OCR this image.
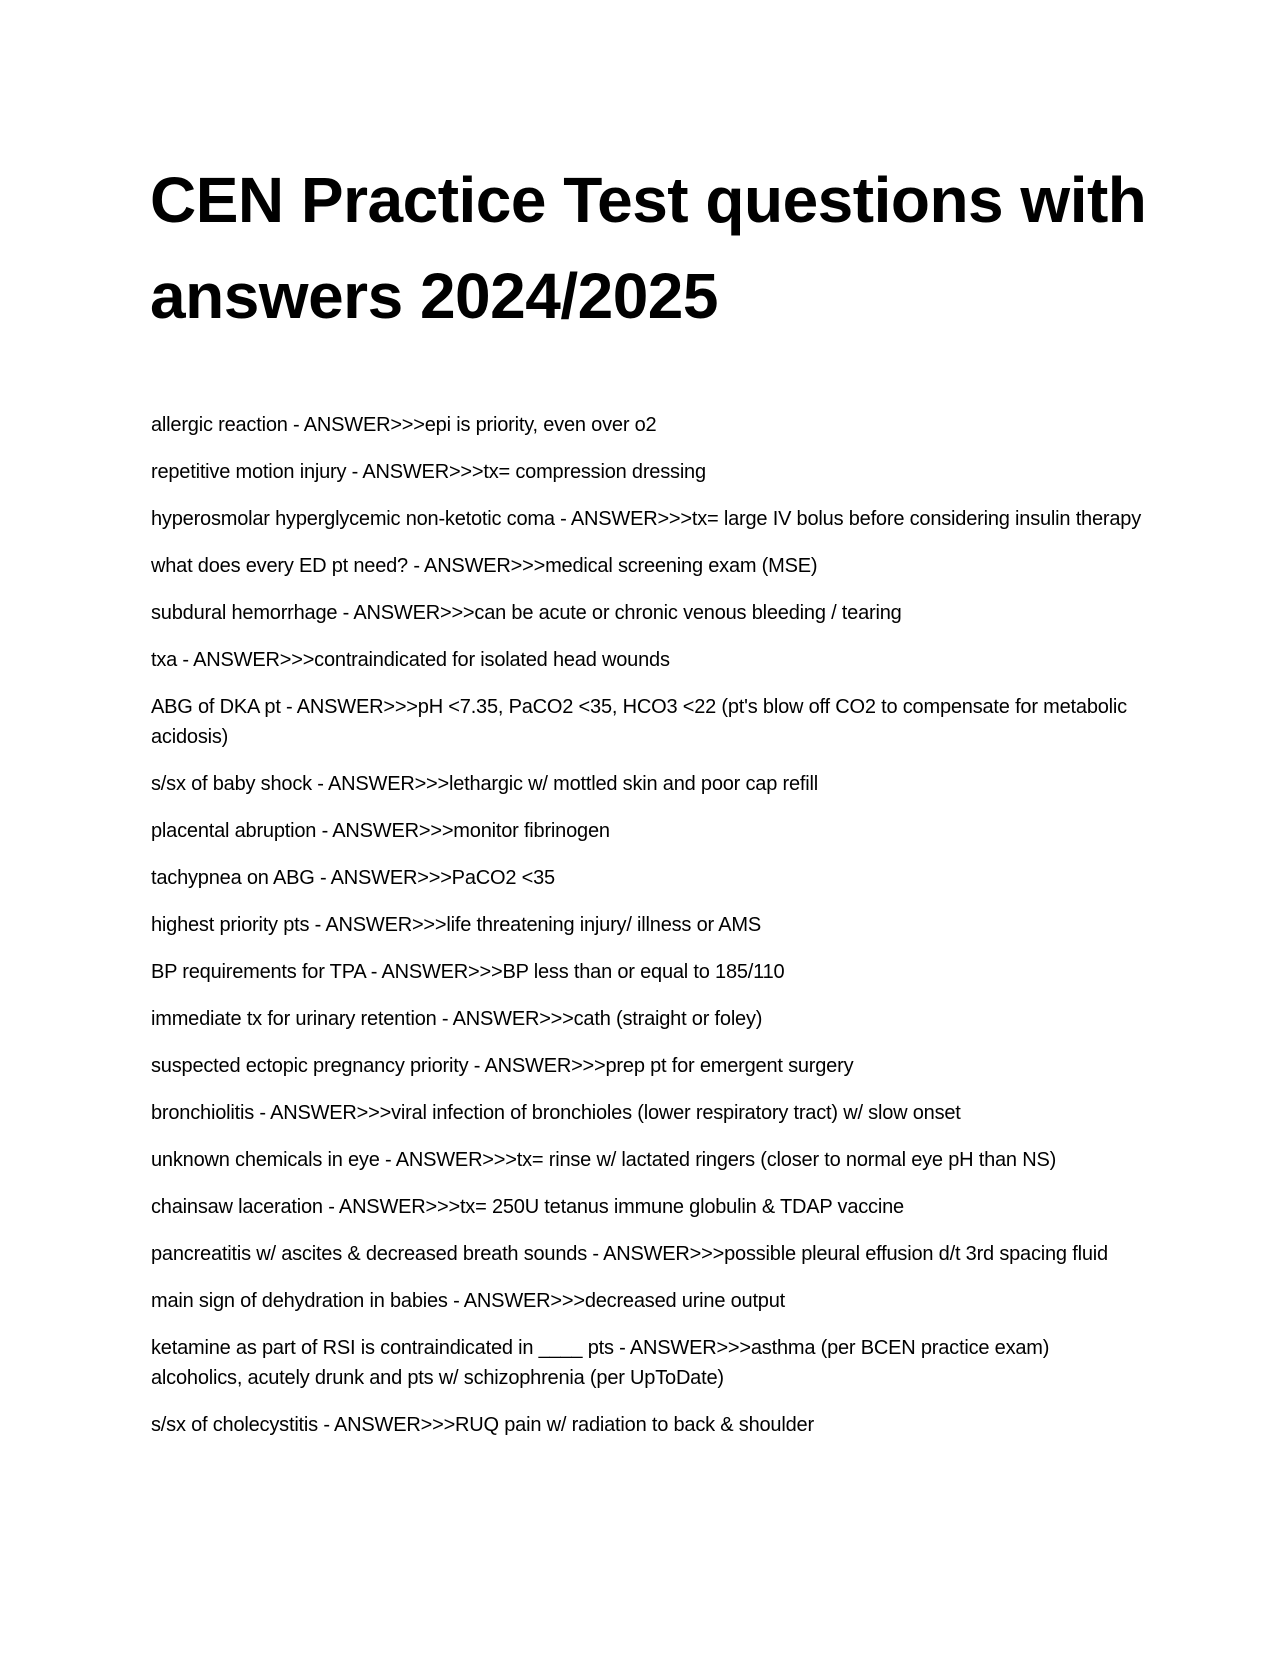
CEN Practice Test questions with answers 2024/2025
allergic reaction - ANSWER>>>epi is priority, even over o2
repetitive motion injury - ANSWER>>>tx= compression dressing
hyperosmolar hyperglycemic non-ketotic coma - ANSWER>>>tx= large IV bolus before considering insulin therapy
what does every ED pt need? - ANSWER>>>medical screening exam (MSE)
subdural hemorrhage - ANSWER>>>can be acute or chronic venous bleeding / tearing
txa - ANSWER>>>contraindicated for isolated head wounds
ABG of DKA pt - ANSWER>>>pH <7.35, PaCO2 <35, HCO3 <22 (pt's blow off CO2 to compensate for metabolic acidosis)
s/sx of baby shock - ANSWER>>>lethargic w/ mottled skin and poor cap refill
placental abruption - ANSWER>>>monitor fibrinogen
tachypnea on ABG - ANSWER>>>PaCO2 <35
highest priority pts - ANSWER>>>life threatening injury/ illness or AMS
BP requirements for TPA - ANSWER>>>BP less than or equal to 185/110
immediate tx for urinary retention - ANSWER>>>cath (straight or foley)
suspected ectopic pregnancy priority - ANSWER>>>prep pt for emergent surgery
bronchiolitis - ANSWER>>>viral infection of bronchioles (lower respiratory tract) w/ slow onset
unknown chemicals in eye - ANSWER>>>tx= rinse w/ lactated ringers (closer to normal eye pH than NS)
chainsaw laceration - ANSWER>>>tx= 250U tetanus immune globulin & TDAP vaccine
pancreatitis w/ ascites & decreased breath sounds - ANSWER>>>possible pleural effusion d/t 3rd spacing fluid
main sign of dehydration in babies - ANSWER>>>decreased urine output
ketamine as part of RSI is contraindicated in ____ pts - ANSWER>>>asthma (per BCEN practice exam) alcoholics, acutely drunk and pts w/ schizophrenia (per UpToDate)
s/sx of cholecystitis - ANSWER>>>RUQ pain w/ radiation to back & shoulder
